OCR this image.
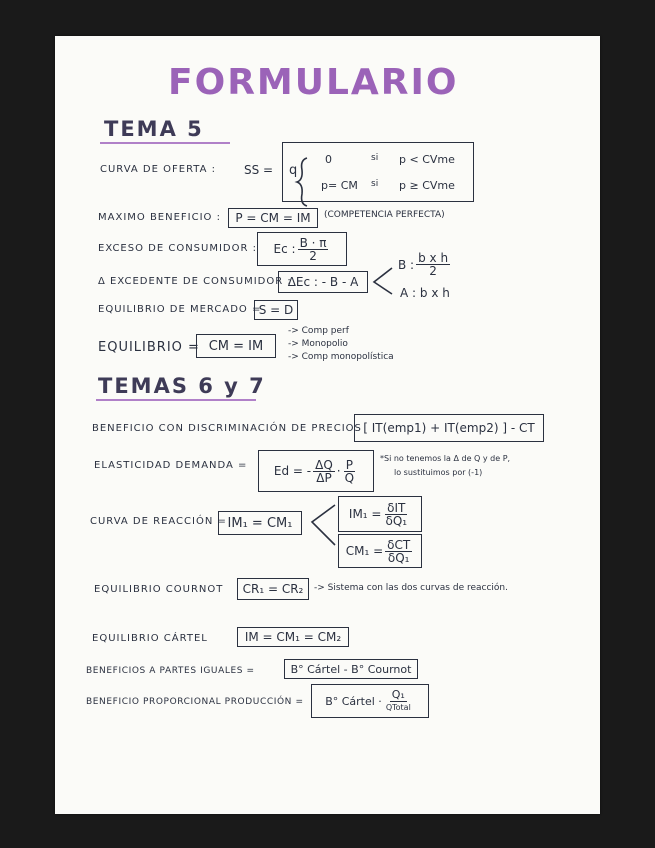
FORMULARIO
TEMA 5
CURVA DE OFERTA : SS = q
0	si p < CVme
p= CM si p ≥ CVme
MAXIMO BENEFICIO :	P = CM = IM	(COMPETENCIA PERFECTA)
EXCESO DE CONSUMIDOR : Ec : $\frac{B \cdot \pi}{2}$
Δ EXCEDENTE DE CONSUMIDOR :
ΔEc : - B - A
B : $\frac{\text{b x h}}{2}$
A : b x h
EQUILIBRIO DE MERCADO =
S = D
EQUILIBRIO = CM = IM
-> Comp perf
-> Monopolio
-> Comp monopolística
TEMAS 6 y 7
BENEFICIO CON DISCRIMINACIÓN DE PRECIOS [ IT(emp1) + IT(emp2) ] - CT
ELASTICIDAD DEMANDA = Ed = - $\frac{\Delta Q}{\Delta P} \cdot \frac{P}{Q}$	*Si no tenemos la Δ de Q y de P,
lo sustituimos por (-1)
CURVA DE REACCIÓN = IM₁ = CM₁
$IM_1 = \frac{\text{δIT}}{\text{δQ₁}}$
$CM_1 = \frac{\text{δCT}}{\text{δQ₁}}$
EQUILIBRIO COURNOT	CR₁ = CR₂	-> Sistema con las dos curvas de reacción.
EQUILIBRIO CÁRTEL	IM = CM₁ = CM₂
BENEFICIOS A PARTES IGUALES =	B° Cártel - B° Cournot
BENEFICIO PROPORCIONAL PRODUCCIÓN = B° Cártel · $\frac{\text{Q₁}}{\text{QTotal}}$
